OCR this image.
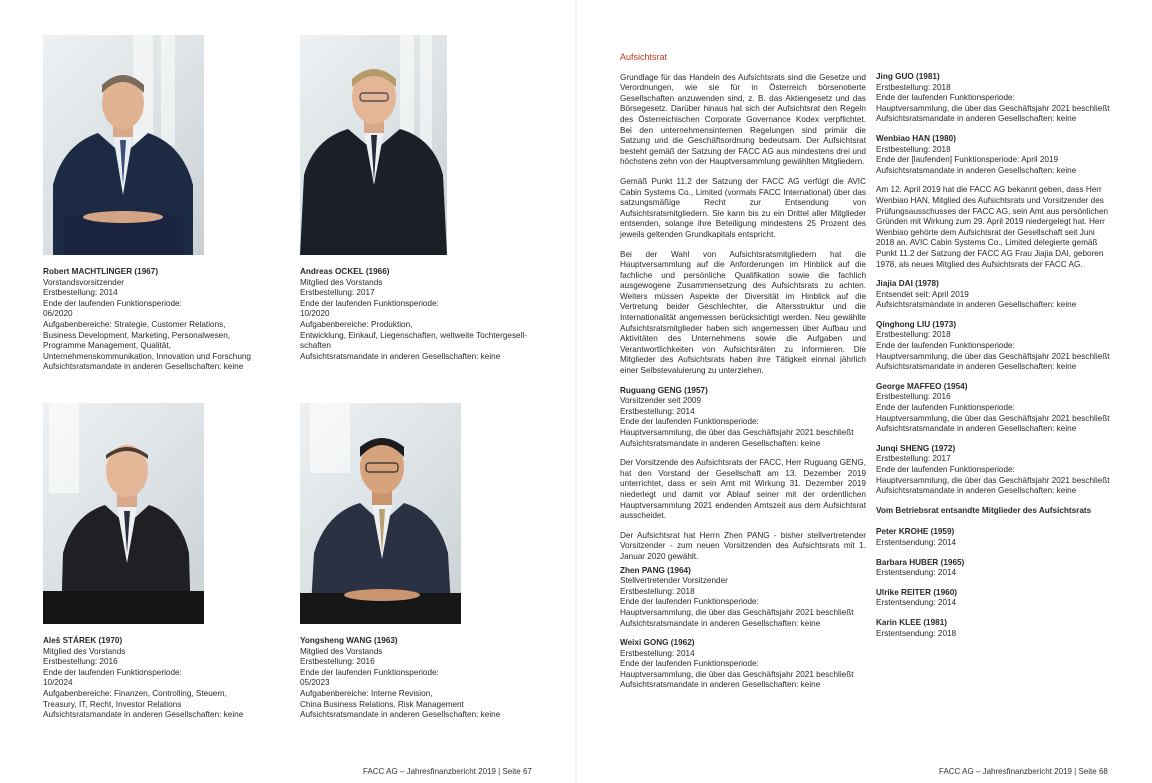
Robert MACHTLINGER (1967)
Vorstandsvorsitzender
Erstbestellung: 2014
Ende der laufenden Funktionsperiode:
06/2020
Aufgabenbereiche: Strategie, Customer Relations,
Business Development, Marketing, Personalwesen,
Programme Management, Qualität,
Unternehmenskommunikation, Innovation und Forschung
Aufsichtsratsmandate in anderen Gesellschaften: keine
Andreas OCKEL (1966)
Mitglied des Vorstands
Erstbestellung: 2017
Ende der laufenden Funktionsperiode:
10/2020
Aufgabenbereiche: Produktion,
Entwicklung, Einkauf, Liegenschaften, weltweite Tochtergesell-
schaften
Aufsichtsratsmandate in anderen Gesellschaften: keine
Aleš STÁREK (1970)
Mitglied des Vorstands
Erstbestellung: 2016
Ende der laufenden Funktionsperiode:
10/2024
Aufgabenbereiche: Finanzen, Controlling, Steuern,
Treasury, IT, Recht, Investor Relations
Aufsichtsratsmandate in anderen Gesellschaften: keine
Yongsheng WANG (1963)
Mitglied des Vorstands
Erstbestellung: 2016
Ende der laufenden Funktionsperiode:
05/2023
Aufgabenbereiche: Interne Revision,
China Business Relations, Risk Management
Aufsichtsratsmandate in anderen Gesellschaften: keine
FACC AG – Jahresfinanzbericht 2019 | Seite 67
Aufsichtsrat

Grundlage für das Handeln des Aufsichtsrats sind die Gesetze und Verordnungen, wie sie für in Österreich börsenotierte Gesellschaften anzuwenden sind, z. B. das Aktiengesetz und das Börsegesetz. Darüber hinaus hat sich der Aufsichtsrat den Regeln des Österreichischen Corporate Governance Kodex verpflichtet. Bei den unternehmensinternen Regelungen sind primär die Satzung und die Geschäftsordnung bedeutsam. Der Aufsichtsrat besteht gemäß der Satzung der FACC AG aus mindestens drei und höchstens zehn von der Hauptversammlung gewählten Mitgliedern.

Gemäß Punkt 11.2 der Satzung der FACC AG verfügt die AVIC Cabin Systems Co., Limited (vormals FACC International) über das satzungsmäßige Recht zur Entsendung von Aufsichtsratsmitgliedern. Sie kann bis zu ein Drittel aller Mitglieder entsenden, solange ihre Beteiligung mindestens 25 Prozent des jeweils geltenden Grundkapitals entspricht.

Bei der Wahl von Aufsichtsratsmitgliedern hat die Hauptversammlung auf die Anforderungen im Hinblick auf die fachliche und persönliche Qualifikation sowie die fachlich ausgewogene Zusammensetzung des Aufsichtsrats zu achten. Weiters müssen Aspekte der Diversität im Hinblick auf die Vertretung beider Geschlechter, die Altersstruktur und die Internationalität angemessen berücksichtigt werden. Neu gewählte Aufsichtsratsmitglieder haben sich angemessen über Aufbau und Aktivitäten des Unternehmens sowie die Aufgaben und Verantwortlichkeiten von Aufsichtsräten zu informieren. Die Mitglieder des Aufsichtsrats haben ihre Tätigkeit einmal jährlich einer Selbstevaluierung zu unterziehen.

Ruguang GENG (1957)
Vorsitzender seit 2009
Erstbestellung: 2014
Ende der laufenden Funktionsperiode:
Hauptversammlung, die über das Geschäftsjahr 2021 beschließt
Aufsichtsratsmandate in anderen Gesellschaften: keine

Der Vorsitzende des Aufsichtsrats der FACC, Herr Ruguang GENG, hat den Vorstand der Gesellschaft am 13. Dezember 2019 unterrichtet, dass er sein Amt mit Wirkung 31. Dezember 2019 niederlegt und damit vor Ablauf seiner mit der ordentlichen Hauptversammlung 2021 endenden Amtszeit aus dem Aufsichtsrat ausscheidet.

Der Aufsichtsrat hat Herrn Zhen PANG - bisher stellvertretender Vorsitzender - zum neuen Vorsitzenden des Aufsichtsrats mit 1. Januar 2020 gewählt.

Zhen PANG (1964)
Stellvertretender Vorsitzender
Erstbestellung: 2018
Ende der laufenden Funktionsperiode:
Hauptversammlung, die über das Geschäftsjahr 2021 beschließt
Aufsichtsratsmandate in anderen Gesellschaften: keine
Weixi GONG (1962)
Erstbestellung: 2014
Ende der laufenden Funktionsperiode:
Hauptversammlung, die über das Geschäftsjahr 2021 beschließt
Aufsichtsratsmandate in anderen Gesellschaften: keine
Jing GUO (1981)
Erstbestellung: 2018
Ende der laufenden Funktionsperiode:
Hauptversammlung, die über das Geschäftsjahr 2021 beschließt
Aufsichtsratsmandate in anderen Gesellschaften: keine
Wenbiao HAN (1980)
Erstbestellung: 2018
Ende der [laufenden] Funktionsperiode: April 2019
Aufsichtsratsmandate in anderen Gesellschaften: keine

Am 12. April 2019 hat die FACC AG bekannt geben, dass Herr Wenbiao HAN, Mitglied des Aufsichtsrats und Vorsitzender des Prüfungsausschusses der FACC AG, sein Amt aus persönlichen Gründen mit Wirkung zum 29. April 2019 niedergelegt hat. Herr Wenbiao gehörte dem Aufsichtsrat der Gesellschaft seit Juni 2018 an. AVIC Cabin Systems Co., Limited delegierte gemäß Punkt 11.2 der Satzung der FACC AG Frau Jiajia DAI, geboren 1978, als neues Mitglied des Aufsichtsrats der FACC AG.

Jiajia DAI (1978)
Entsendet seit: April 2019
Aufsichtsratsmandate in anderen Gesellschaften: keine
Qinghong LIU (1973)
Erstbestellung: 2018
Ende der laufenden Funktionsperiode:
Hauptversammlung, die über das Geschäftsjahr 2021 beschließt
Aufsichtsratsmandate in anderen Gesellschaften: keine
George MAFFEO (1954)
Erstbestellung: 2016
Ende der laufenden Funktionsperiode:
Hauptversammlung, die über das Geschäftsjahr 2021 beschließt
Aufsichtsratsmandate in anderen Gesellschaften: keine
Junqi SHENG (1972)
Erstbestellung: 2017
Ende der laufenden Funktionsperiode:
Hauptversammlung, die über das Geschäftsjahr 2021 beschließt
Aufsichtsratsmandate in anderen Gesellschaften: keine
Vom Betriebsrat entsandte Mitglieder des Aufsichtsrats
Peter KROHE (1959)
Erstentsendung: 2014
Barbara HUBER (1965)
Erstentsendung: 2014
Ulrike REITER (1960)
Erstentsendung: 2014
Karin KLEE (1981)
Erstentsendung: 2018
FACC AG – Jahresfinanzbericht 2019 | Seite 68
